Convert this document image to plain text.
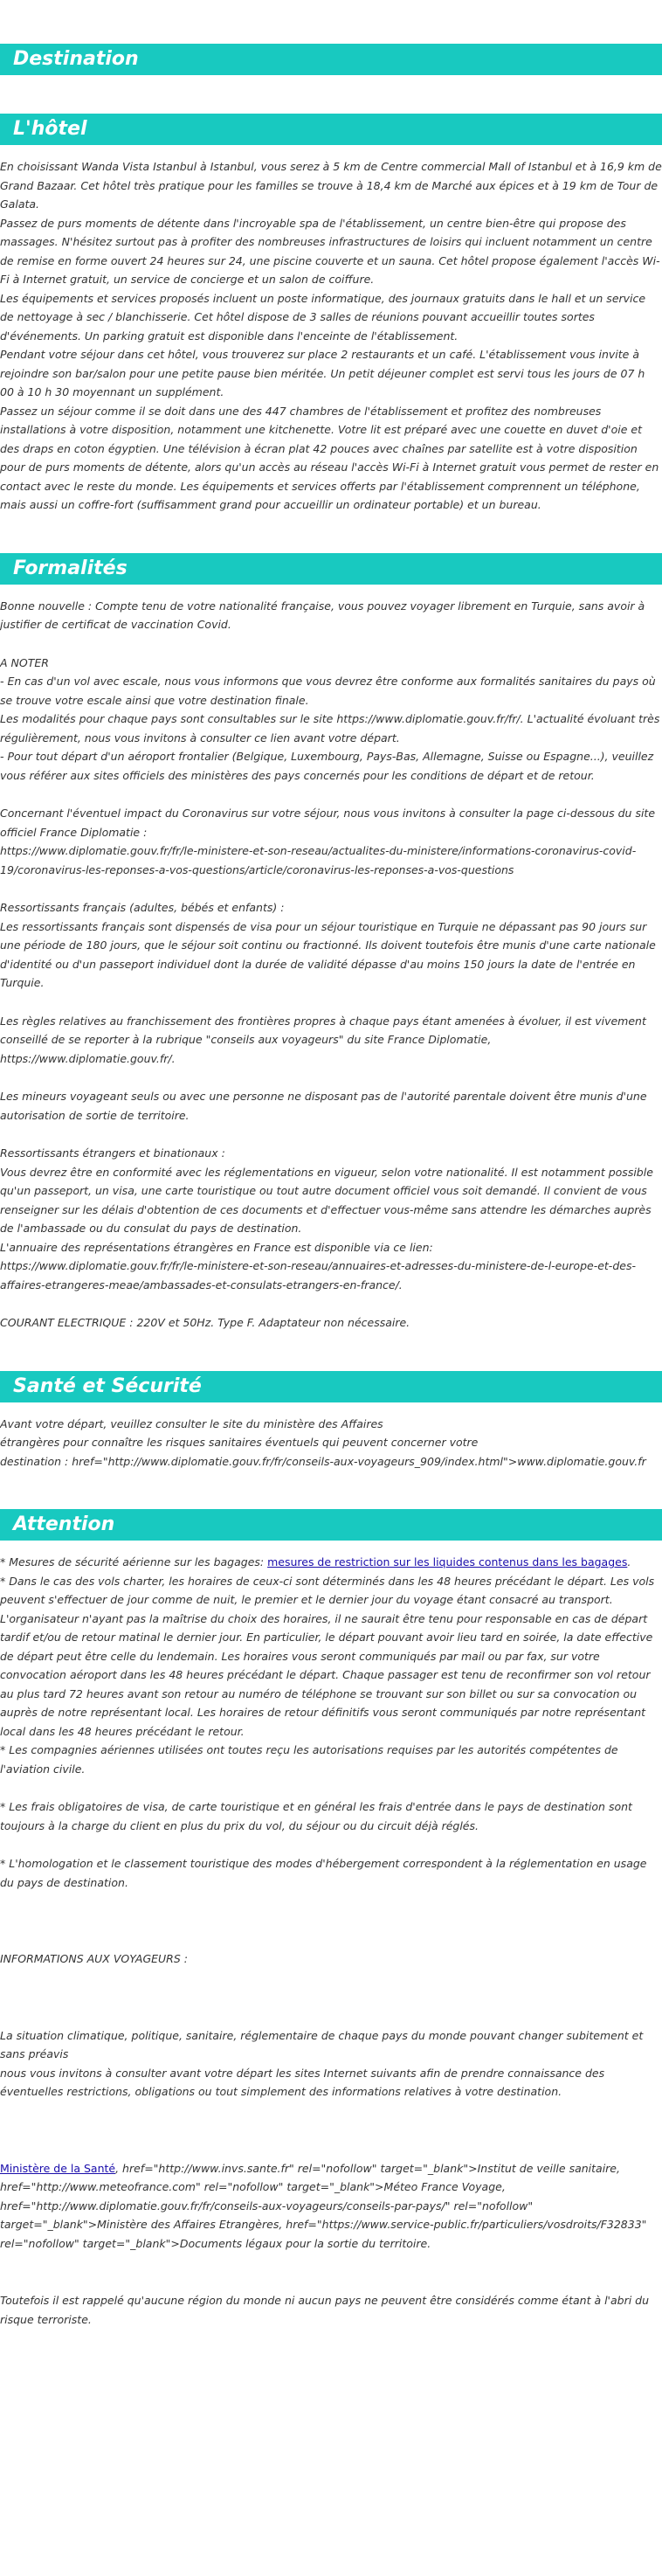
Destination
L'hôtel

En choisissant Wanda Vista Istanbul à Istanbul, vous serez à 5 km de Centre commercial Mall of Istanbul et à 16,9 km de Grand Bazaar. Cet hôtel très pratique pour les familles se trouve à 18,4 km de Marché aux épices et à 19 km de Tour de Galata.

Passez de purs moments de détente dans l'incroyable spa de l'établissement, un centre bien-être qui propose des massages. N'hésitez surtout pas à profiter des nombreuses infrastructures de loisirs qui incluent notamment un centre de remise en forme ouvert 24 heures sur 24, une piscine couverte et un sauna. Cet hôtel propose également l'accès Wi-Fi à Internet gratuit, un service de concierge et un salon de coiffure.

Les équipements et services proposés incluent un poste informatique, des journaux gratuits dans le hall et un service de nettoyage à sec / blanchisserie. Cet hôtel dispose de 3 salles de réunions pouvant accueillir toutes sortes d'événements. Un parking gratuit est disponible dans l'enceinte de l'établissement.

Pendant votre séjour dans cet hôtel, vous trouverez sur place 2 restaurants et un café. L'établissement vous invite à rejoindre son bar/salon pour une petite pause bien méritée. Un petit déjeuner complet est servi tous les jours de 07 h 00 à 10 h 30 moyennant un supplément.

Passez un séjour comme il se doit dans une des 447 chambres de l'établissement et profitez des nombreuses installations à votre disposition, notamment une kitchenette. Votre lit est préparé avec une couette en duvet d'oie et des draps en coton égyptien. Une télévision à écran plat 42 pouces avec chaînes par satellite est à votre disposition pour de purs moments de détente, alors qu'un accès au réseau l'accès Wi-Fi à Internet gratuit vous permet de rester en contact avec le reste du monde. Les équipements et services offerts par l'établissement comprennent un téléphone, mais aussi un coffre-fort (suffisamment grand pour accueillir un ordinateur portable) et un bureau.

Formalités

Bonne nouvelle : Compte tenu de votre nationalité française, vous pouvez voyager librement en Turquie, sans avoir à justifier de certificat de vaccination Covid.

A NOTER

- En cas d'un vol avec escale, nous vous informons que vous devrez être conforme aux formalités sanitaires du pays où se trouve votre escale ainsi que votre destination finale.

Les modalités pour chaque pays sont consultables sur le site https://www.diplomatie.gouv.fr/fr/. L'actualité évoluant très régulièrement, nous vous invitons à consulter ce lien avant votre départ.

- Pour tout départ d'un aéroport frontalier (Belgique, Luxembourg, Pays-Bas, Allemagne, Suisse ou Espagne...), veuillez vous référer aux sites officiels des ministères des pays concernés pour les conditions de départ et de retour.

Concernant l'éventuel impact du Coronavirus sur votre séjour, nous vous invitons à consulter la page ci-dessous du site officiel France Diplomatie :

https://www.diplomatie.gouv.fr/fr/le-ministere-et-son-reseau/actualites-du-ministere/informations-coronavirus-covid-19/coronavirus-les-reponses-a-vos-questions/article/coronavirus-les-reponses-a-vos-questions

Ressortissants français (adultes, bébés et enfants) :

Les ressortissants français sont dispensés de visa pour un séjour touristique en Turquie ne dépassant pas 90 jours sur une période de 180 jours, que le séjour soit continu ou fractionné. Ils doivent toutefois être munis d'une carte nationale d'identité ou d'un passeport individuel dont la durée de validité dépasse d'au moins 150 jours la date de l'entrée en Turquie.

Les règles relatives au franchissement des frontières propres à chaque pays étant amenées à évoluer, il est vivement conseillé de se reporter à la rubrique "conseils aux voyageurs" du site France Diplomatie, https://www.diplomatie.gouv.fr/.

Les mineurs voyageant seuls ou avec une personne ne disposant pas de l'autorité parentale doivent être munis d'une autorisation de sortie de territoire.

Ressortissants étrangers et binationaux :

Vous devrez être en conformité avec les réglementations en vigueur, selon votre nationalité. Il est notamment possible qu'un passeport, un visa, une carte touristique ou tout autre document officiel vous soit demandé. Il convient de vous renseigner sur les délais d'obtention de ces documents et d'effectuer vous-même sans attendre les démarches auprès de l'ambassade ou du consulat du pays de destination.

L'annuaire des représentations étrangères en France est disponible via ce lien:

https://www.diplomatie.gouv.fr/fr/le-ministere-et-son-reseau/annuaires-et-adresses-du-ministere-de-l-europe-et-des-affaires-etrangeres-meae/ambassades-et-consulats-etrangers-en-france/.

COURANT ELECTRIQUE : 220V et 50Hz. Type F. Adaptateur non nécessaire.

Santé et Sécurité

Avant votre départ, veuillez consulter le site du ministère des Affaires

étrangères pour connaître les risques sanitaires éventuels qui peuvent concerner votre

destination : href="http://www.diplomatie.gouv.fr/fr/conseils-aux-voyageurs_909/index.html">www.diplomatie.gouv.fr

Attention

* Mesures de sécurité aérienne sur les bagages: mesures de restriction sur les liquides contenus dans les bagages.

* Dans le cas des vols charter, les horaires de ceux-ci sont déterminés dans les 48 heures précédant le départ. Les vols peuvent s'effectuer de jour comme de nuit, le premier et le dernier jour du voyage étant consacré au transport. L'organisateur n'ayant pas la maîtrise du choix des horaires, il ne saurait être tenu pour responsable en cas de départ tardif et/ou de retour matinal le dernier jour. En particulier, le départ pouvant avoir lieu tard en soirée, la date effective de départ peut être celle du lendemain. Les horaires vous seront communiqués par mail ou par fax, sur votre convocation aéroport dans les 48 heures précédant le départ. Chaque passager est tenu de reconfirmer son vol retour au plus tard 72 heures avant son retour au numéro de téléphone se trouvant sur son billet ou sur sa convocation ou auprès de notre représentant local. Les horaires de retour définitifs vous seront communiqués par notre représentant local dans les 48 heures précédant le retour.

* Les compagnies aériennes utilisées ont toutes reçu les autorisations requises par les autorités compétentes de l'aviation civile.

* Les frais obligatoires de visa, de carte touristique et en général les frais d'entrée dans le pays de destination sont toujours à la charge du client en plus du prix du vol, du séjour ou du circuit déjà réglés.

* L'homologation et le classement touristique des modes d'hébergement correspondent à la réglementation en usage du pays de destination.

INFORMATIONS AUX VOYAGEURS :

La situation climatique, politique, sanitaire, réglementaire de chaque pays du monde pouvant changer subitement et sans préavis

nous vous invitons à consulter avant votre départ les sites Internet suivants afin de prendre connaissance des éventuelles restrictions, obligations ou tout simplement des informations relatives à votre destination.

Ministère de la Santé, href="http://www.invs.sante.fr" rel="nofollow" target="_blank">Institut de veille sanitaire, href="http://www.meteofrance.com" rel="nofollow" target="_blank">Méteo France Voyage, href="http://www.diplomatie.gouv.fr/fr/conseils-aux-voyageurs/conseils-par-pays/" rel="nofollow" target="_blank">Ministère des Affaires Etrangères, href="https://www.service-public.fr/particuliers/vosdroits/F32833" rel="nofollow" target="_blank">Documents légaux pour la sortie du territoire.

Toutefois il est rappelé qu'aucune région du monde ni aucun pays ne peuvent être considérés comme étant à l'abri du risque terroriste.
